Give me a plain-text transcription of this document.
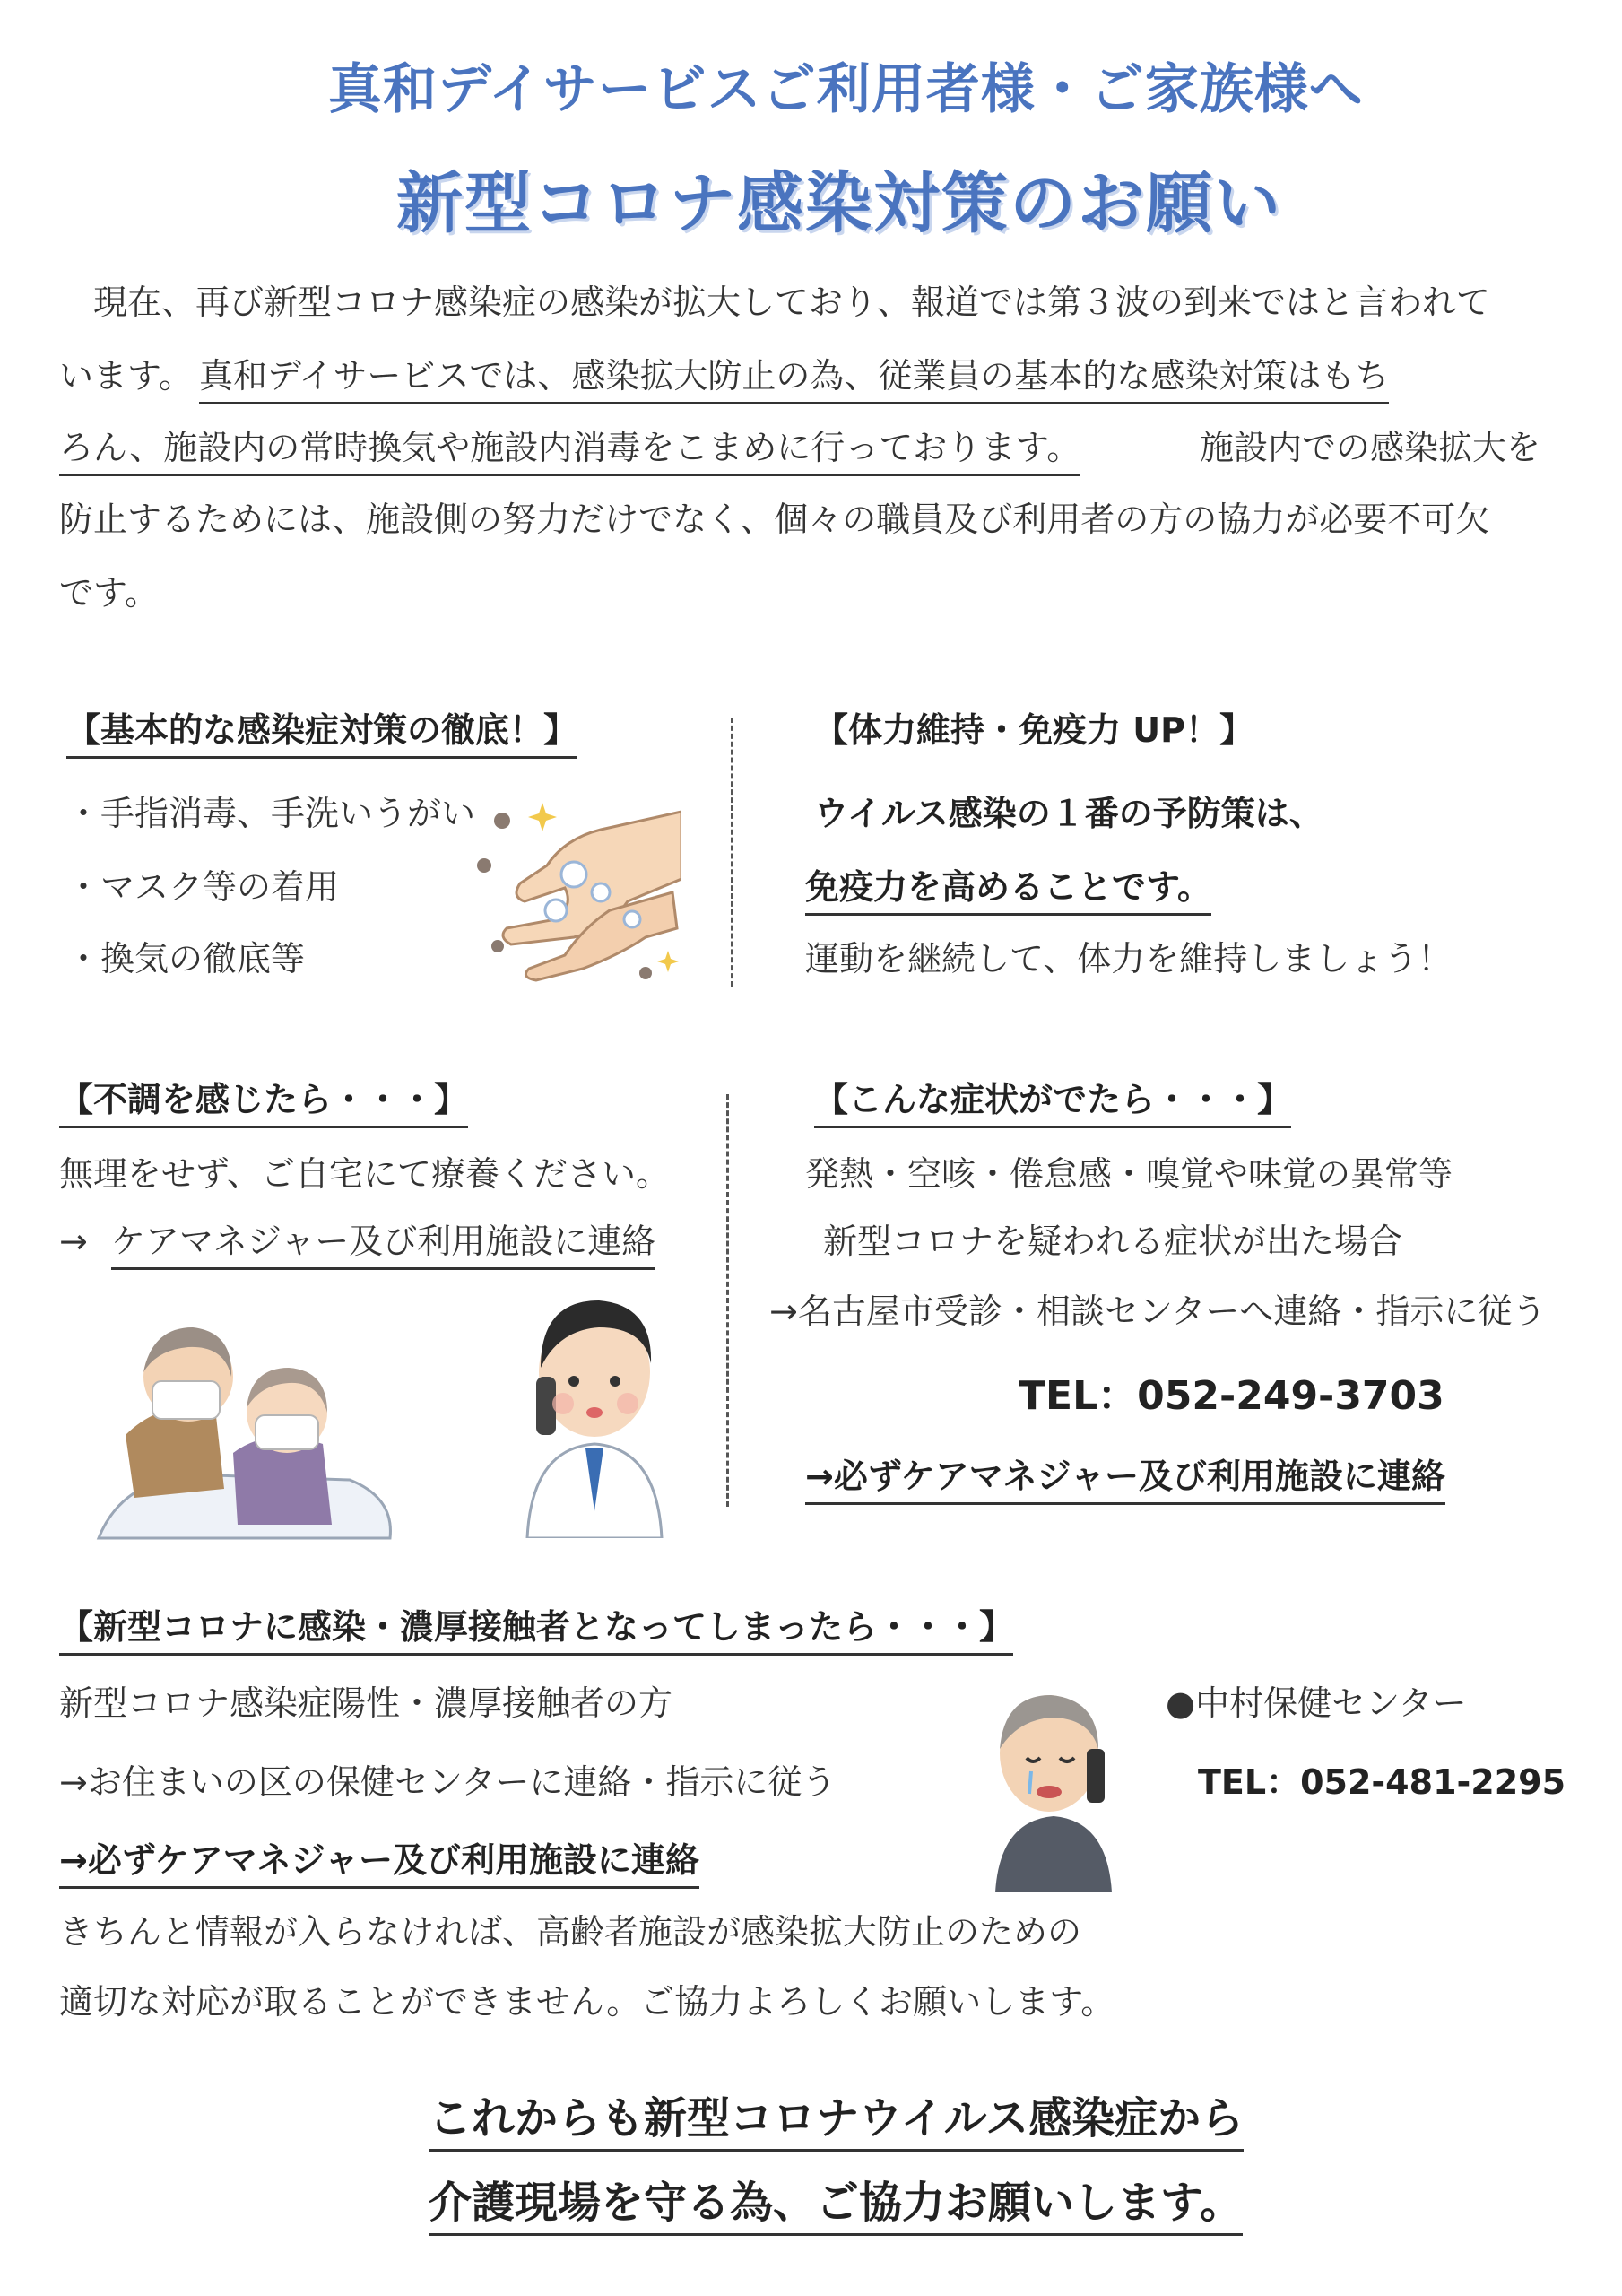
真和デイサービスご利用者様・ご家族様へ
新型コロナ感染対策のお願い
現在、再び新型コロナ感染症の感染が拡大しており、報道では第３波の到来ではと言われて
います。 真和デイサービスでは、感染拡大防止の為、従業員の基本的な感染対策はもち
ろん、施設内の常時換気や施設内消毒をこまめに行っております。	施設内での感染拡大を
防止するためには、施設側の努力だけでなく、個々の職員及び利用者の方の協力が必要不可欠
です。
【基本的な感染症対策の徹底！】
・手指消毒、手洗いうがい
・マスク等の着用
・換気の徹底等
【体力維持・免疫力 UP！】
ウイルス感染の１番の予防策は、
免疫力を高めることです。
運動を継続して、体力を維持しましょう！
【不調を感じたら・・・】
無理をせず、ご自宅にて療養ください。
→ ケアマネジャー及び利用施設に連絡
【こんな症状がでたら・・・】
発熱・空咳・倦怠感・嗅覚や味覚の異常等
新型コロナを疑われる症状が出た場合
→名古屋市受診・相談センターへ連絡・指示に従う
TEL：052-249-3703
→必ずケアマネジャー及び利用施設に連絡
【新型コロナに感染・濃厚接触者となってしまったら・・・】
新型コロナ感染症陽性・濃厚接触者の方
→お住まいの区の保健センターに連絡・指示に従う
→必ずケアマネジャー及び利用施設に連絡
きちんと情報が入らなければ、高齢者施設が感染拡大防止のための
適切な対応が取ることができません。ご協力よろしくお願いします。
●中村保健センター
TEL：052-481-2295
これからも新型コロナウイルス感染症から
介護現場を守る為、ご協力お願いします。
